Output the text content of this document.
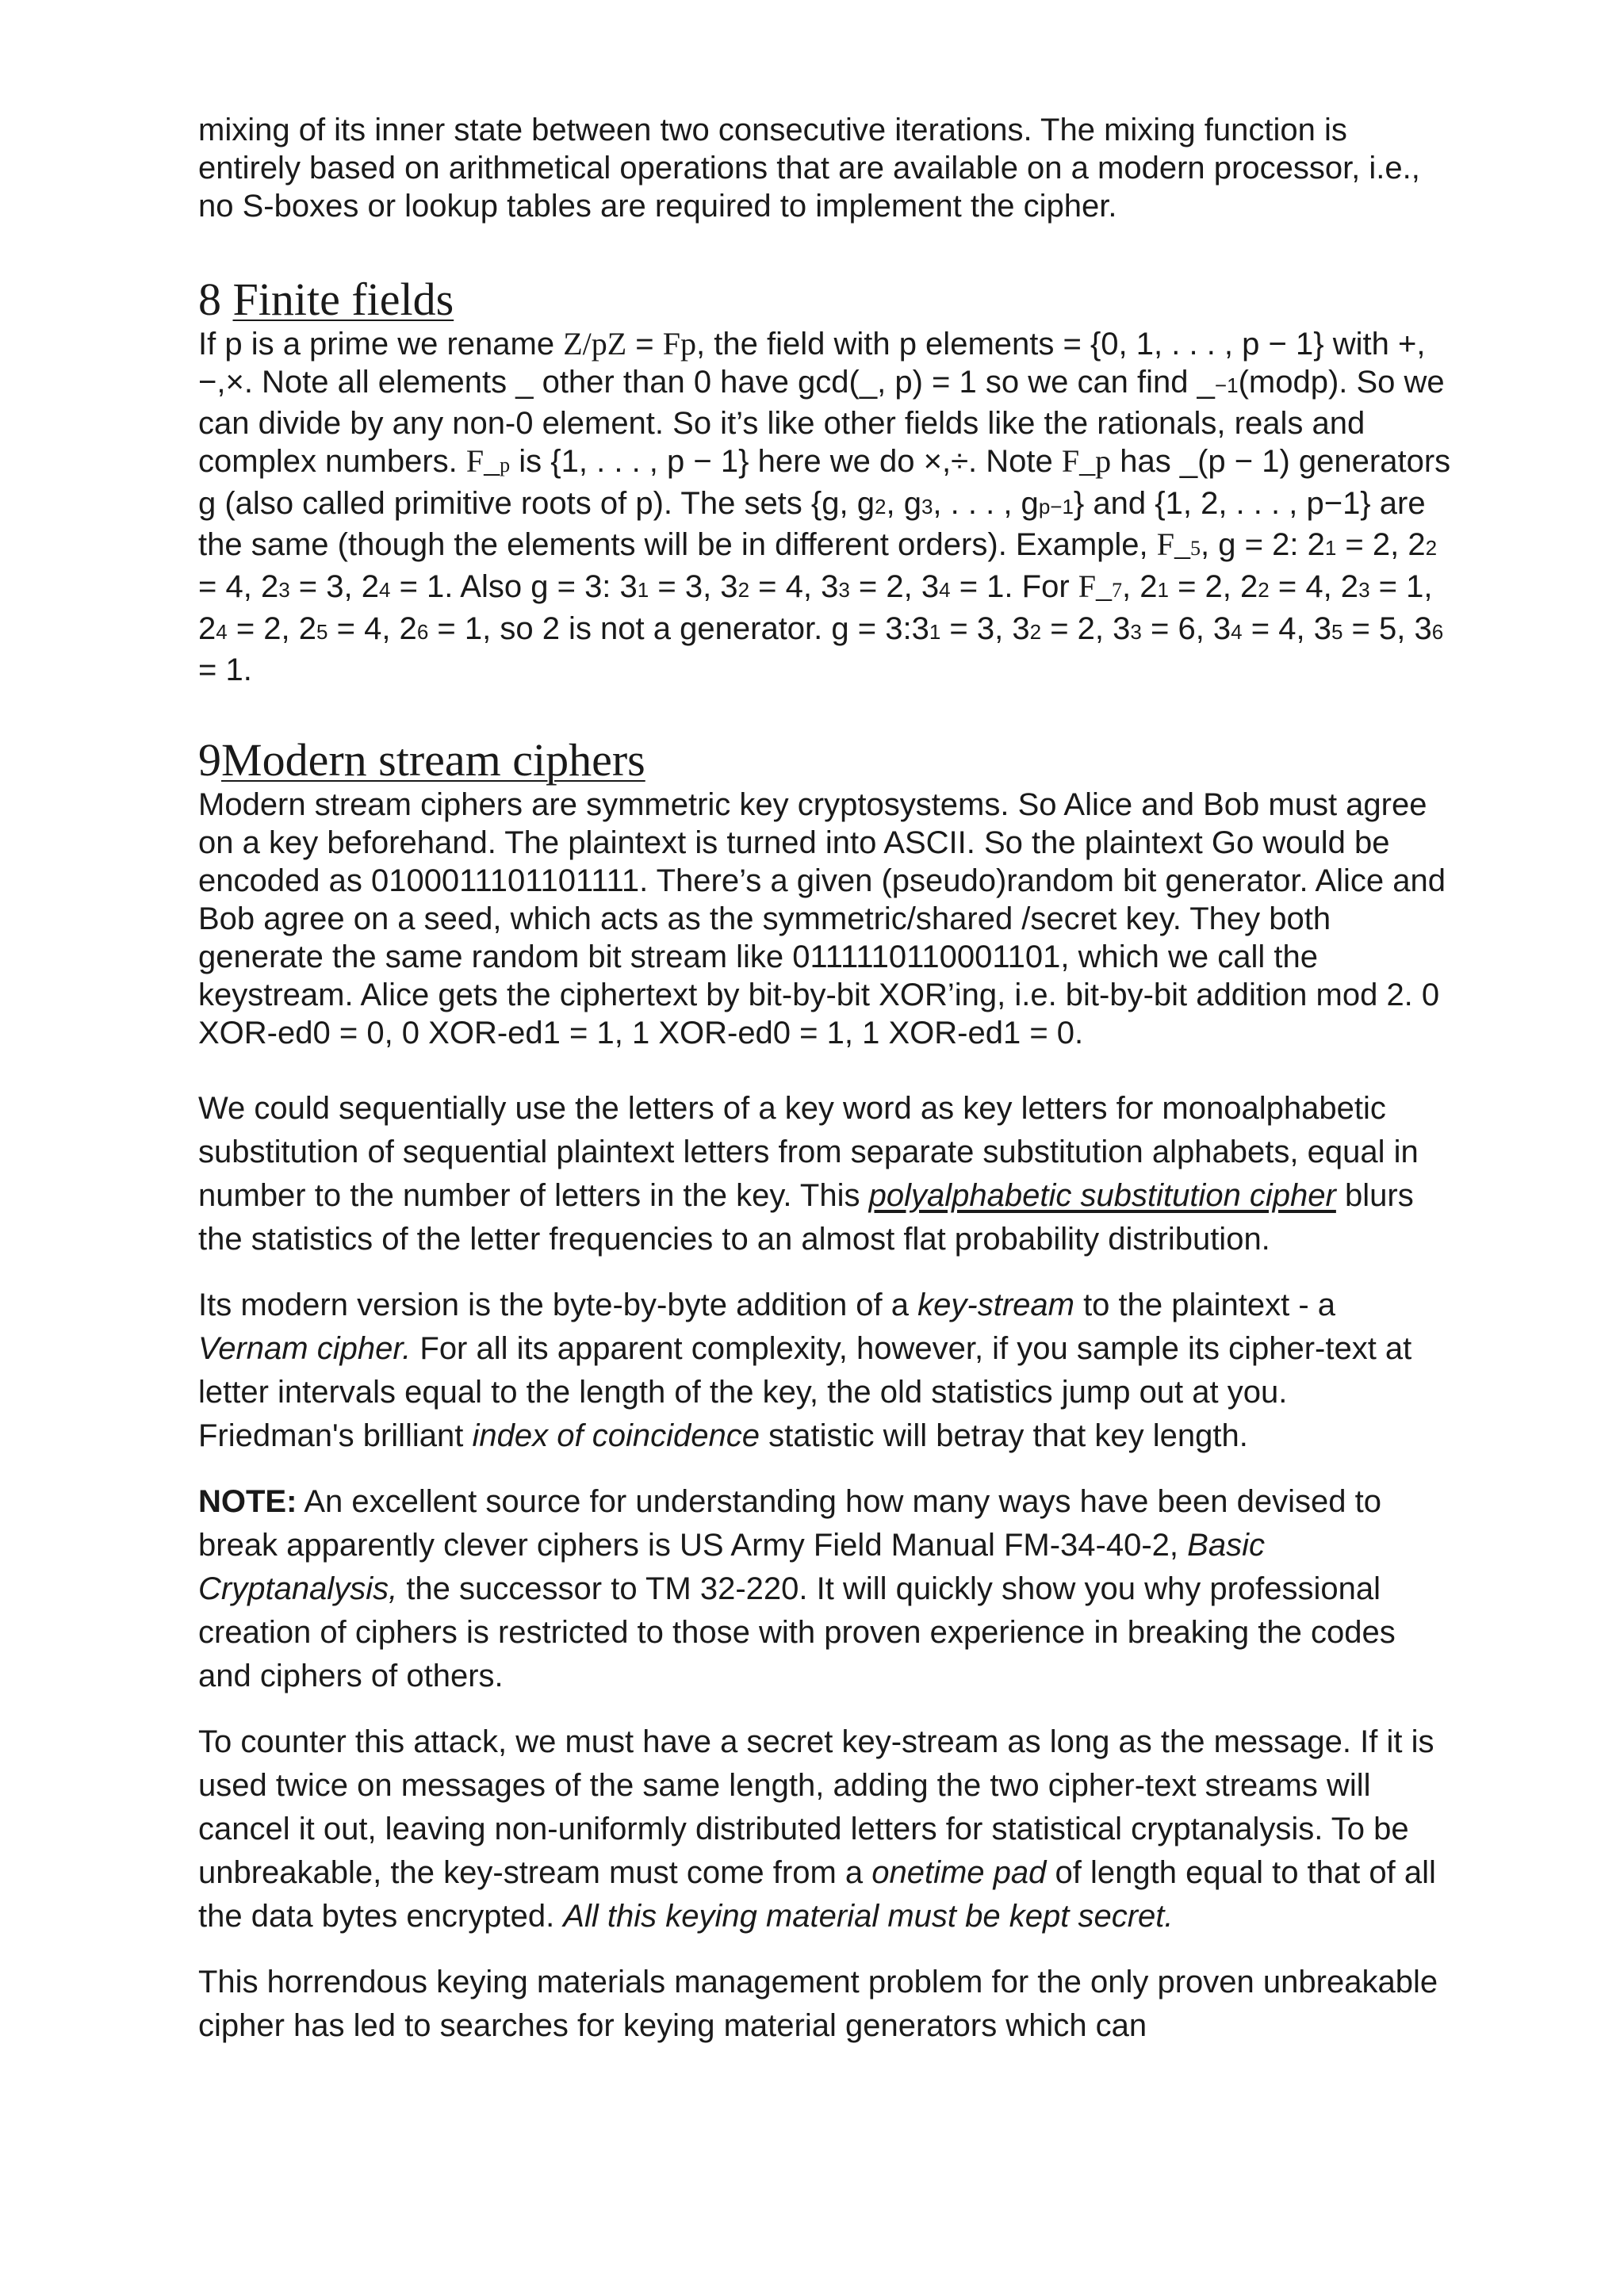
mixing of its inner state between two consecutive iterations. The mixing function is entirely based on arithmetical operations that are available on a modern processor, i.e., no S-boxes or lookup tables are required to implement the cipher.

8 Finite fields

If p is a prime we rename Z/pZ = Fp, the field with p elements = {0, 1, . . . , p − 1} with +,−,×. Note all elements _ other than 0 have gcd(_, p) = 1 so we can find _−1(modp). So we can divide by any non-0 element. So it’s like other fields like the rationals, reals and complex numbers. F_p is {1, . . . , p − 1} here we do ×,÷. Note F_p has _(p − 1) generators g (also called primitive roots of p). The sets {g, g2, g3, . . . , gp−1} and {1, 2, . . . , p−1} are the same (though the elements will be in different orders). Example, F_5, g = 2: 21 = 2, 22 = 4, 23 = 3, 24 = 1. Also g = 3: 31 = 3, 32 = 4, 33 = 2, 34 = 1. For F_7, 21 = 2, 22 = 4, 23 = 1, 24 = 2, 25 = 4, 26 = 1, so 2 is not a generator. g = 3:31 = 3, 32 = 2, 33 = 6, 34 = 4, 35 = 5, 36 = 1.

9Modern stream ciphers

Modern stream ciphers are symmetric key cryptosystems. So Alice and Bob must agree on a key beforehand. The plaintext is turned into ASCII. So the plaintext Go would be encoded as 0100011101101111. There’s a given (pseudo)random bit generator. Alice and Bob agree on a seed, which acts as the symmetric/shared /secret key. They both generate the same random bit stream like 0111110110001101, which we call the keystream. Alice gets the ciphertext by bit-by-bit XOR’ing, i.e. bit-by-bit addition mod 2. 0 XOR-ed0 = 0, 0 XOR-ed1 = 1, 1 XOR-ed0 = 1, 1 XOR-ed1 = 0.

We could sequentially use the letters of a key word as key letters for monoalphabetic substitution of sequential plaintext letters from separate substitution alphabets, equal in number to the number of letters in the key. This polyalphabetic substitution cipher blurs the statistics of the letter frequencies to an almost flat probability distribution.

Its modern version is the byte-by-byte addition of a key-stream to the plaintext - a Vernam cipher. For all its apparent complexity, however, if you sample its cipher-text at letter intervals equal to the length of the key, the old statistics jump out at you. Friedman's brilliant index of coincidence statistic will betray that key length.

NOTE: An excellent source for understanding how many ways have been devised to break apparently clever ciphers is US Army Field Manual FM-34-40-2, Basic Cryptanalysis, the successor to TM 32-220. It will quickly show you why professional creation of ciphers is restricted to those with proven experience in breaking the codes and ciphers of others.

To counter this attack, we must have a secret key-stream as long as the message. If it is used twice on messages of the same length, adding the two cipher-text streams will cancel it out, leaving non-uniformly distributed letters for statistical cryptanalysis. To be unbreakable, the key-stream must come from a onetime pad of length equal to that of all the data bytes encrypted. All this keying material must be kept secret.

This horrendous keying materials management problem for the only proven unbreakable cipher has led to searches for keying material generators which can
